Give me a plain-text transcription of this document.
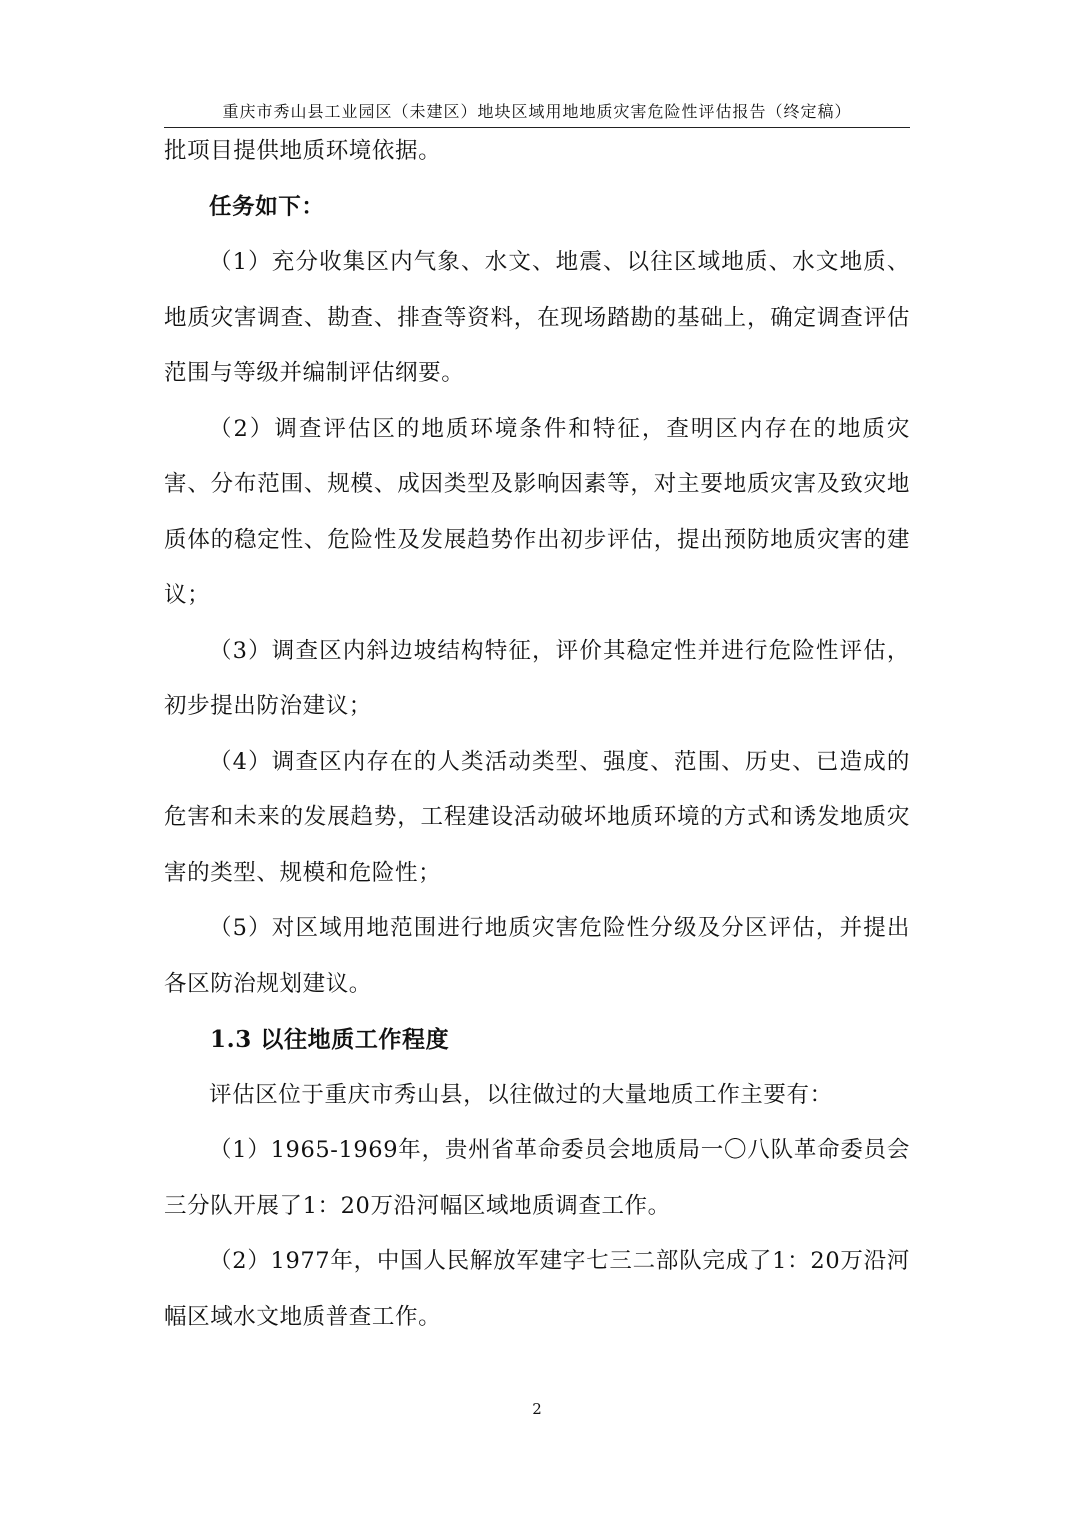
重庆市秀山县工业园区（未建区）地块区域用地地质灾害危险性评估报告（终定稿）

批项目提供地质环境依据。

任务如下：

（1）充分收集区内气象、水文、地震、以往区域地质、水文地质、地质灾害调查、勘查、排查等资料，在现场踏勘的基础上，确定调查评估范围与等级并编制评估纲要。

（2）调查评估区的地质环境条件和特征，查明区内存在的地质灾害、分布范围、规模、成因类型及影响因素等，对主要地质灾害及致灾地质体的稳定性、危险性及发展趋势作出初步评估，提出预防地质灾害的建议；

（3）调查区内斜边坡结构特征，评价其稳定性并进行危险性评估，初步提出防治建议；

（4）调查区内存在的人类活动类型、强度、范围、历史、已造成的危害和未来的发展趋势，工程建设活动破坏地质环境的方式和诱发地质灾害的类型、规模和危险性；

（5）对区域用地范围进行地质灾害危险性分级及分区评估，并提出各区防治规划建议。

1.3 以往地质工作程度

评估区位于重庆市秀山县，以往做过的大量地质工作主要有：

（1）1965-1969年，贵州省革命委员会地质局一〇八队革命委员会三分队开展了1：20万沿河幅区域地质调查工作。

（2）1977年，中国人民解放军建字七三二部队完成了1：20万沿河幅区域水文地质普查工作。

2
